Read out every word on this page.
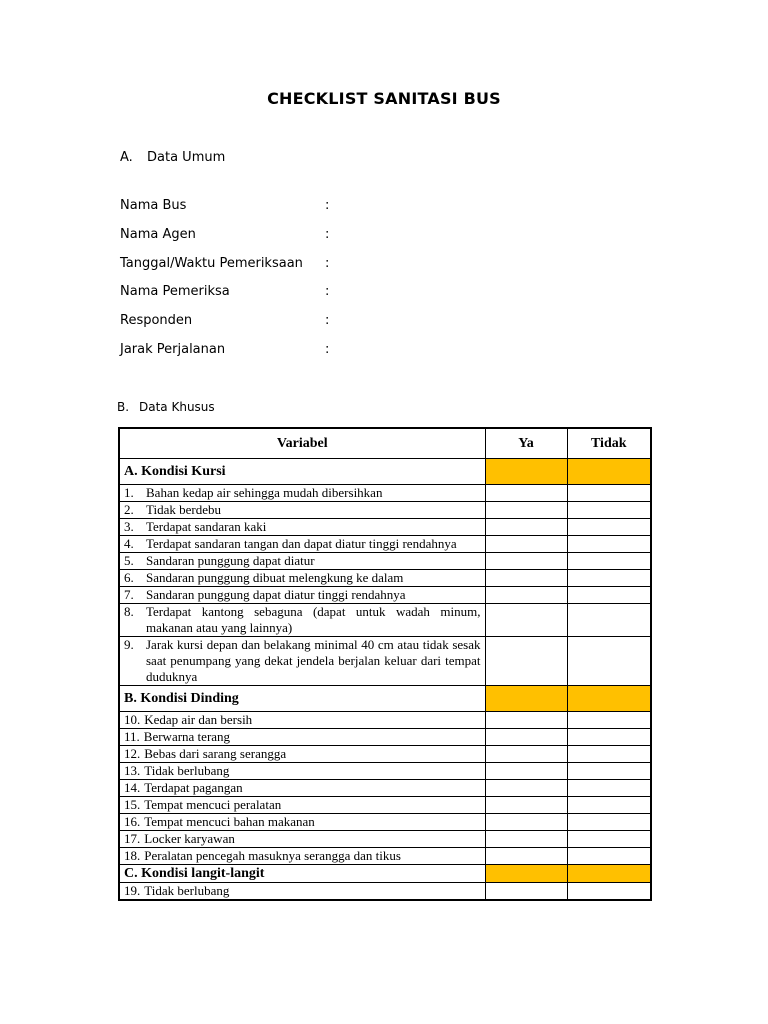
CHECKLIST SANITASI BUS
A. Data Umum
Nama Bus	:
Nama Agen	:
Tanggal/Waktu Pemeriksaan :
Nama Pemeriksa	:
Responden	:
Jarak Perjalanan	:
B. Data Khusus
Variabel	Ya	Tidak
A. Kondisi Kursi		

1. Bahan kedap air sehingga mudah dibersihkan		

2. Tidak berdebu		

3. Terdapat sandaran kaki		

4. Terdapat sandaran tangan dan dapat diatur tinggi rendahnya		

5. Sandaran punggung dapat diatur		

6. Sandaran punggung dibuat melengkung ke dalam		

7. Sandaran punggung dapat diatur tinggi rendahnya		

8. Terdapat kantong sebaguna (dapat untuk wadah minum, makanan atau yang lainnya)		

9. Jarak kursi depan dan belakang minimal 40 cm atau tidak sesak saat penumpang yang dekat jendela berjalan keluar dari tempat duduknya		

B. Kondisi Dinding		

10. Kedap air dan bersih		

11. Berwarna terang		

12. Bebas dari sarang serangga		

13. Tidak berlubang		

14. Terdapat pagangan		

15. Tempat mencuci peralatan		

16. Tempat mencuci bahan makanan		

17. Locker karyawan		

18. Peralatan pencegah masuknya serangga dan tikus		

C. Kondisi langit-langit		

19. Tidak berlubang		
